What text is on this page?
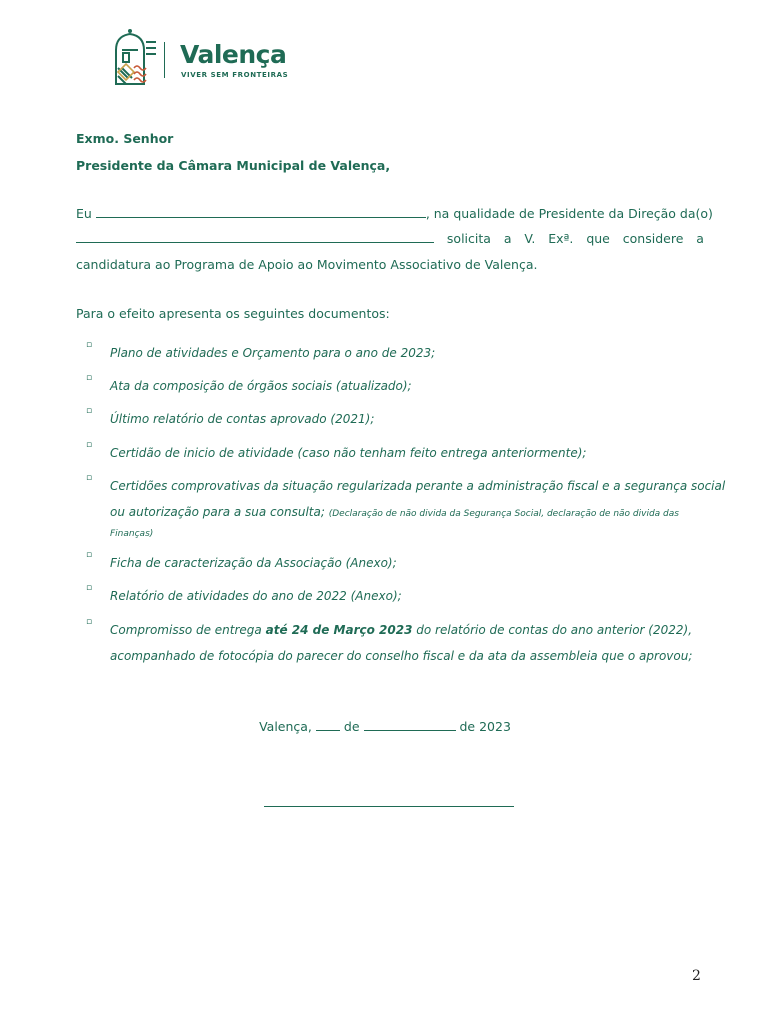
Valença
VIVER SEM FRONTEIRAS
Exmo. Senhor
Presidente da Câmara Municipal de Valença,
Eu	, na qualidade de Presidente da Direção da(o)
solicita a V. Exª. que considere a
candidatura ao Programa de Apoio ao Movimento Associativo de Valença.
Para o efeito apresenta os seguintes documentos:
▫
Plano de atividades e Orçamento para o ano de 2023;
▫
Ata da composição de órgãos sociais (atualizado);
▫
Último relatório de contas aprovado (2021);
▫
Certidão de inicio de atividade (caso não tenham feito entrega anteriormente);
▫
Certidões comprovativas da situação regularizada perante a administração fiscal e a segurança social
ou autorização para a sua consulta; (Declaração de não divida da Segurança Social, declaração de não divida das
Finanças)
▫
Ficha de caracterização da Associação (Anexo);
▫
Relatório de atividades do ano de 2022 (Anexo);
▫
Compromisso de entrega até 24 de Março 2023 do relatório de contas do ano anterior (2022),
acompanhado de fotocópia do parecer do conselho fiscal e da ata da assembleia que o aprovou;
Valença,	de	de 2023
2
